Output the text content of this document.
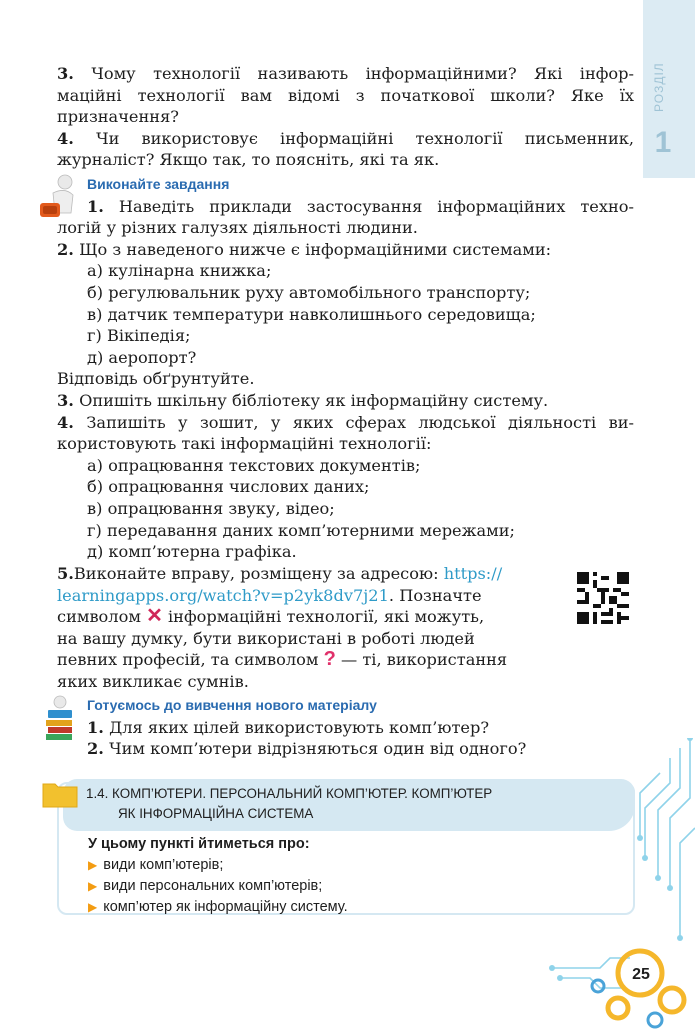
1
РОЗДІЛ
3. Чому технології називають інформаційними? Які інфор-
маційні технології вам відомі з початкової школи? Яке їх
призначення?
4. Чи використовує інформаційні технології письменник,
журналіст? Якщо так, то поясніть, які та як.
Виконайте завдання
1. Наведіть приклади застосування інформаційних техно-
логій у різних галузях діяльності людини.
2. Що з наведеного нижче є інформаційними системами:
а) кулінарна книжка;
б) регулювальник руху автомобільного транспорту;
в) датчик температури навколишнього середовища;
г) Вікіпедія;
д) аеропорт?
Відповідь обґрунтуйте.
3. Опишіть шкільну бібліотеку як інформаційну систему.
4. Запишіть у зошит, у яких сферах людської діяльності ви-
користовують такі інформаційні технології:
а) опрацювання текстових документів;
б) опрацювання числових даних;
в) опрацювання звуку, відео;
г) передавання даних комп’ютерними мережами;
д) комп’ютерна графіка.
5.Виконайте вправу, розміщену за адресою: https://
learningapps.org/watch?v=p2yk8dv7j21. Позначте
символом ✕ інформаційні технології, які можуть,
на вашу думку, бути використані в роботі людей
певних професій, та символом ? — ті, використання
яких викликає сумнів.
Готуємось до вивчення нового матеріалу
1. Для яких цілей використовують комп’ютер?
2. Чим комп’ютери відрізняються один від одного?
25
1.4. КОМП’ЮТЕРИ. ПЕРСОНАЛЬНИЙ КОМП’ЮТЕР. КОМП’ЮТЕР
ЯК ІНФОРМАЦІЙНА СИСТЕМА
У цьому пункті йтиметься про:
▶ види комп’ютерів;
▶ види персональних комп’ютерів;
▶ комп’ютер як інформаційну систему.
